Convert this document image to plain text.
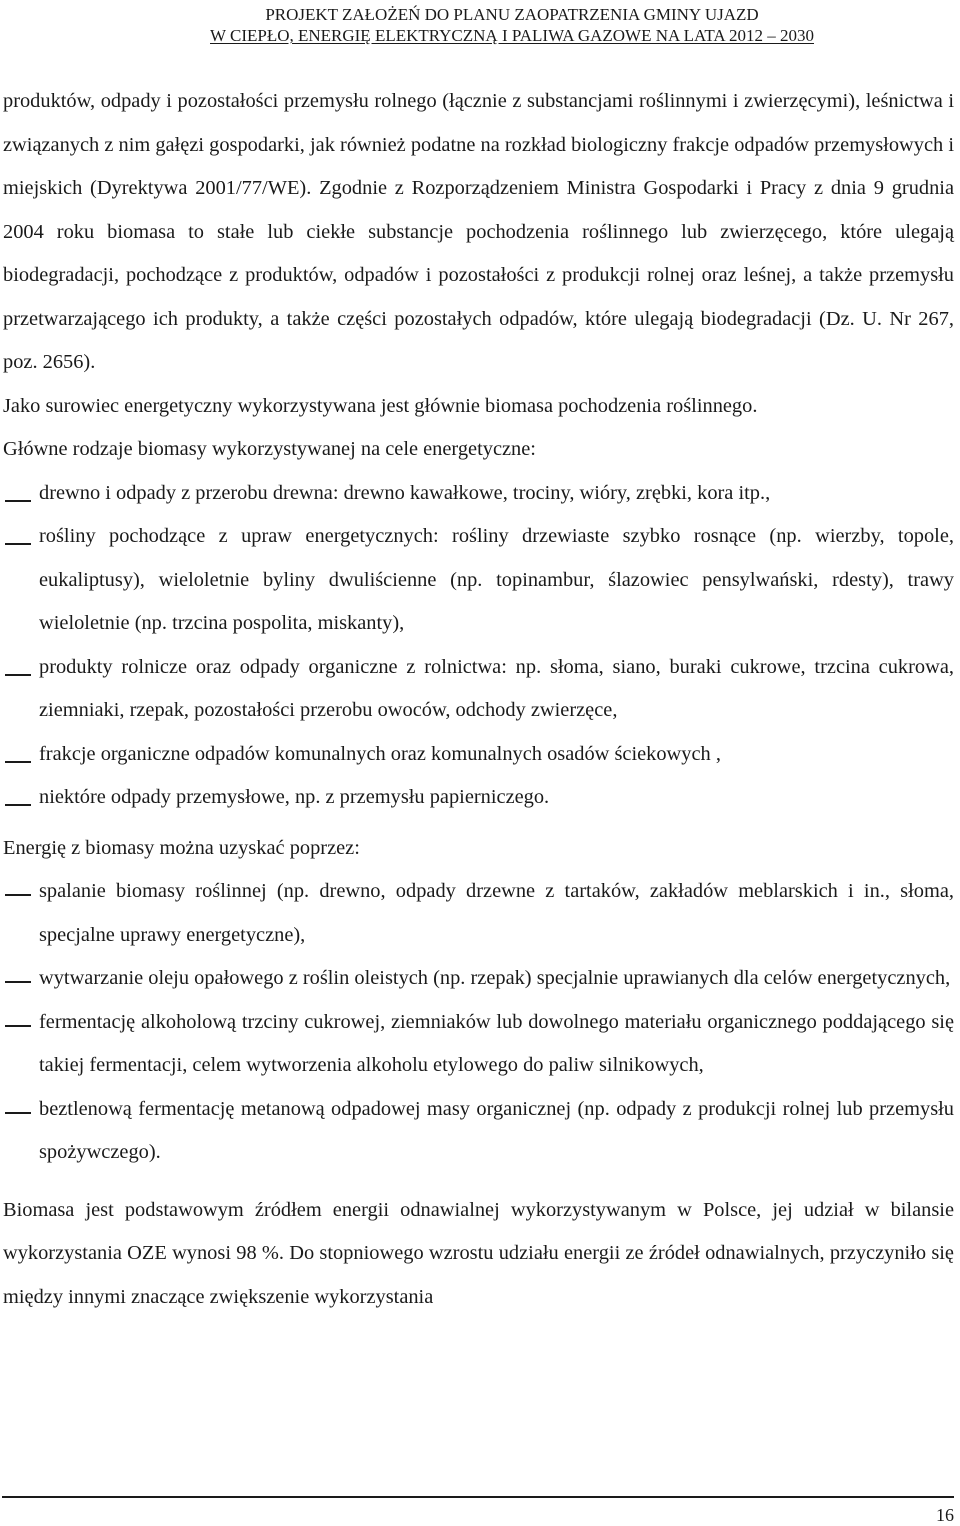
PROJEKT ZAŁOŻEŃ DO PLANU ZAOPATRZENIA GMINY UJAZD
W CIEPŁO, ENERGIĘ ELEKTRYCZNĄ I PALIWA GAZOWE NA LATA 2012 – 2030

produktów, odpady i pozostałości przemysłu rolnego (łącznie z substancjami roślinnymi i zwierzęcymi), leśnictwa i związanych z nim gałęzi gospodarki, jak również podatne na rozkład biologiczny frakcje odpadów przemysłowych i miejskich (Dyrektywa 2001/77/WE). Zgodnie z Rozporządzeniem Ministra Gospodarki i Pracy z dnia 9 grudnia 2004 roku biomasa to stałe lub ciekłe substancje pochodzenia roślinnego lub zwierzęcego, które ulegają biodegradacji, pochodzące z produktów, odpadów i pozostałości z produkcji rolnej oraz leśnej, a także przemysłu przetwarzającego ich produkty, a także części pozostałych odpadów, które ulegają biodegradacji (Dz. U. Nr 267, poz. 2656).

Jako surowiec energetyczny wykorzystywana jest głównie biomasa pochodzenia roślinnego.

Główne rodzaje biomasy wykorzystywanej na cele energetyczne:

drewno i odpady z przerobu drewna: drewno kawałkowe, trociny, wióry, zrębki, kora itp.,
rośliny pochodzące z upraw energetycznych: rośliny drzewiaste szybko rosnące (np. wierzby, topole, eukaliptusy), wieloletnie byliny dwuliścienne (np. topinambur, ślazowiec pensylwański, rdesty), trawy wieloletnie (np. trzcina pospolita, miskanty),
produkty rolnicze oraz odpady organiczne z rolnictwa: np. słoma, siano, buraki cukrowe, trzcina cukrowa, ziemniaki, rzepak, pozostałości przerobu owoców, odchody zwierzęce,
frakcje organiczne odpadów komunalnych oraz komunalnych osadów ściekowych ,
niektóre odpady przemysłowe, np. z przemysłu papierniczego.

Energię z biomasy można uzyskać poprzez:

spalanie biomasy roślinnej (np. drewno, odpady drzewne z tartaków, zakładów meblarskich i in., słoma, specjalne uprawy energetyczne),
wytwarzanie oleju opałowego z roślin oleistych (np. rzepak) specjalnie uprawianych dla celów energetycznych,
fermentację alkoholową trzciny cukrowej, ziemniaków lub dowolnego materiału organicznego poddającego się takiej fermentacji, celem wytworzenia alkoholu etylowego do paliw silnikowych,
beztlenową fermentację metanową odpadowej masy organicznej (np. odpady z produkcji rolnej lub przemysłu spożywczego).

Biomasa jest podstawowym źródłem energii odnawialnej wykorzystywanym w Polsce, jej udział w bilansie wykorzystania OZE wynosi 98 %. Do stopniowego wzrostu udziału energii ze źródeł odnawialnych, przyczyniło się między innymi znaczące zwiększenie wykorzystania

16
